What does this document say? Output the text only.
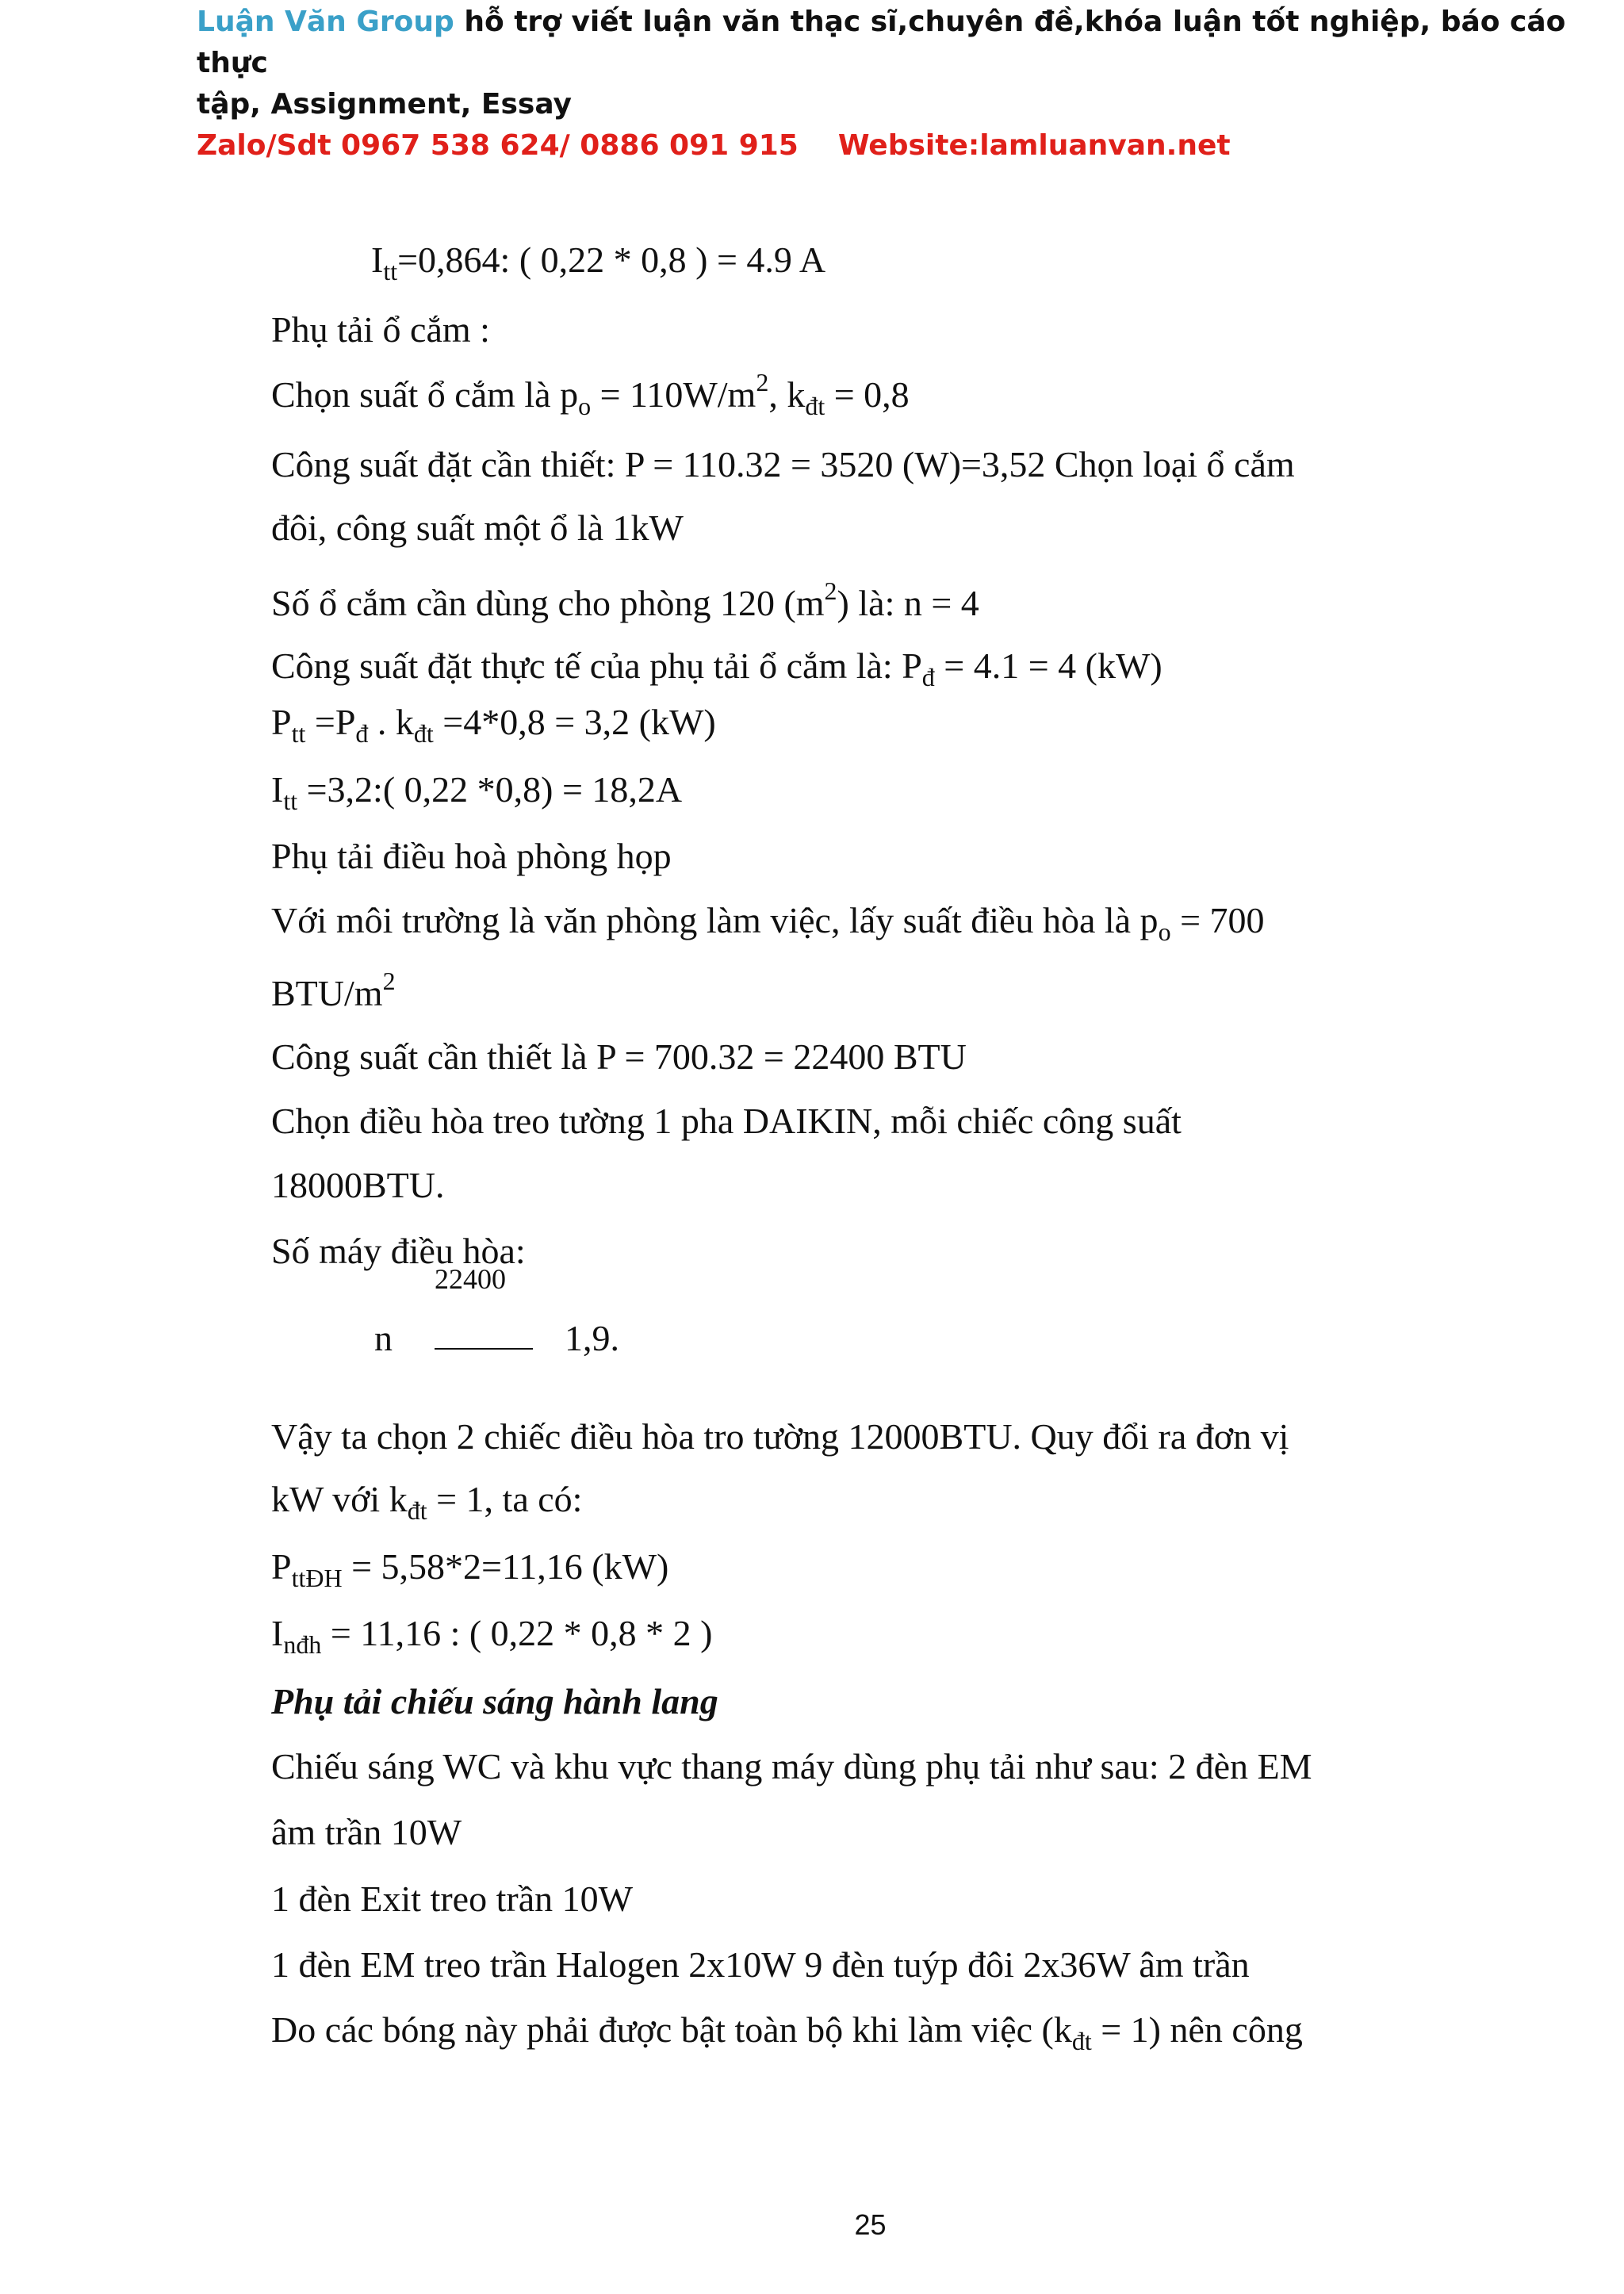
Luận Văn Group hỗ trợ viết luận văn thạc sĩ,chuyên đề,khóa luận tốt nghiệp, báo cáo thực
tập, Assignment, Essay
Zalo/Sdt 0967 538 624/ 0886 091 915 Website:lamluanvan.net
$I_{tt}=0,864$: ( 0,22 * 0,8 ) = 4.9 A
Phụ tải ổ cắm :
Chọn suất ổ cắm là $p_o = 110W/m^2$, $k_{đt} = 0,8$
Công suất đặt cần thiết: P = 110.32 = 3520 (W)=3,52 Chọn loại ổ cắm
đôi, công suất một ổ là 1kW
Số ổ cắm cần dùng cho phòng 120 $(m^2)$ là: n = 4
Công suất đặt thực tế của phụ tải ổ cắm là: $P_đ = 4.1 = 4$ (kW)
$P_{tt} =P_đ$ . $k_{đt} =4*0,8 = 3,2$ (kW)
$I_{tt}$ =3,2:( 0,22 *0,8) = 18,2A
Phụ tải điều hoà phòng họp
Với môi trường là văn phòng làm việc, lấy suất điều hòa là $p_o = 700$
BTU/$m^2$
Công suất cần thiết là P = 700.32 = 22400 BTU
Chọn điều hòa treo tường 1 pha DAIKIN, mỗi chiếc công suất
18000BTU.
Số máy điều hòa:
22400
n	1,9.
Vậy ta chọn 2 chiếc điều hòa tro tường 12000BTU. Quy đổi ra đơn vị
kW với $k_{đt} = 1$, ta có:
$P_{ttĐH} = 5,58*2=11,16$ (kW)
$I_{nđh} = 11,16$ : ( 0,22 * 0,8 * 2 )
Phụ tải chiếu sáng hành lang
Chiếu sáng WC và khu vực thang máy dùng phụ tải như sau: 2 đèn EM
âm trần 10W
1 đèn Exit treo trần 10W
1 đèn EM treo trần Halogen 2x10W 9 đèn tuýp đôi 2x36W âm trần
Do các bóng này phải được bật toàn bộ khi làm việc $(k_{đt} = 1)$ nên công
25
